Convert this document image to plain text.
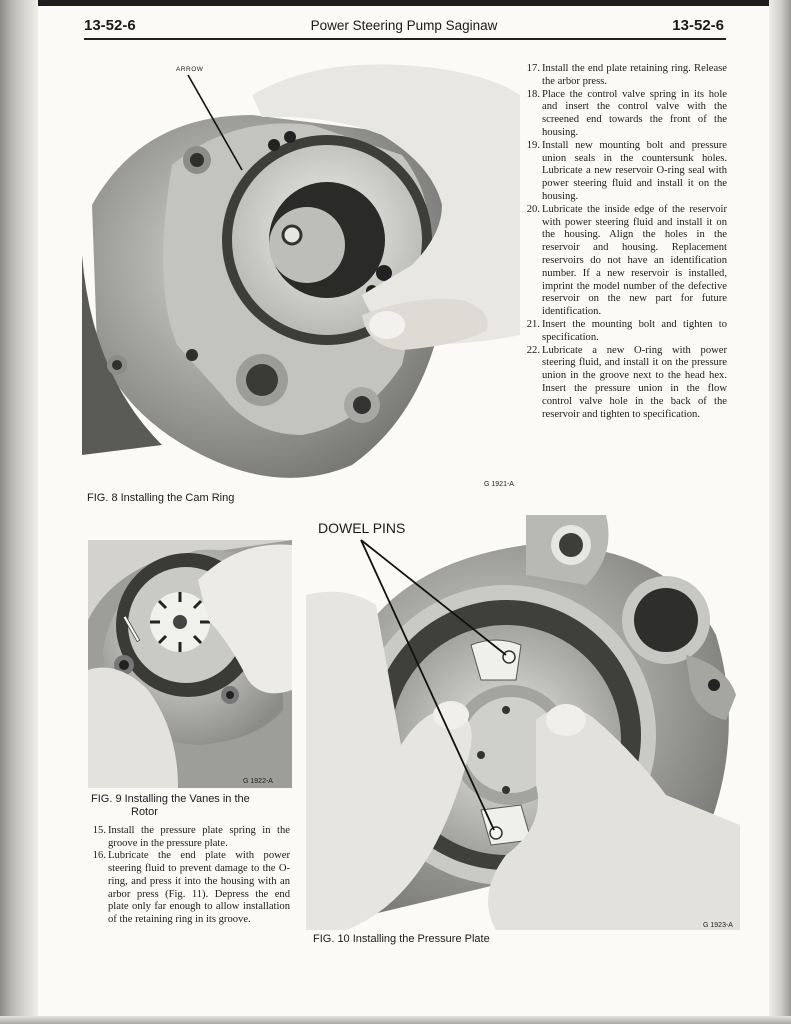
13-52-6	Power Steering Pump Saginaw	13-52-6
ARROW
G 1921-A
FIG. 8 Installing the Cam Ring
17. Install the end plate retaining ring. Release the arbor press.
18. Place the control valve spring in its hole and insert the control valve with the screened end towards the front of the housing.
19. Install new mounting bolt and pressure union seals in the countersunk holes. Lubricate a new reservoir O-ring seal with power steering fluid and install it on the housing.
20. Lubricate the inside edge of the reservoir with power steering fluid and install it on the housing. Align the holes in the reservoir and housing. Replacement reservoirs do not have an identification number. If a new reservoir is installed, imprint the model number of the defective reservoir on the new part for future identification.
21. Insert the mounting bolt and tighten to specification.
22. Lubricate a new O-ring with power steering fluid, and install it on the pressure union in the groove next to the head hex. Insert the pressure union in the flow control valve hole in the back of the reservoir and tighten to specification.
G 1922-A
FIG. 9 Installing the Vanes in the
Rotor
15. Install the pressure plate spring in the groove in the pressure plate.
16. Lubricate the end plate with power steering fluid to prevent damage to the O-ring, and press it into the housing with an arbor press (Fig. 11). Depress the end plate only far enough to allow installation of the retaining ring in its groove.
DOWEL PINS
G 1923-A
FIG. 10 Installing the Pressure Plate
